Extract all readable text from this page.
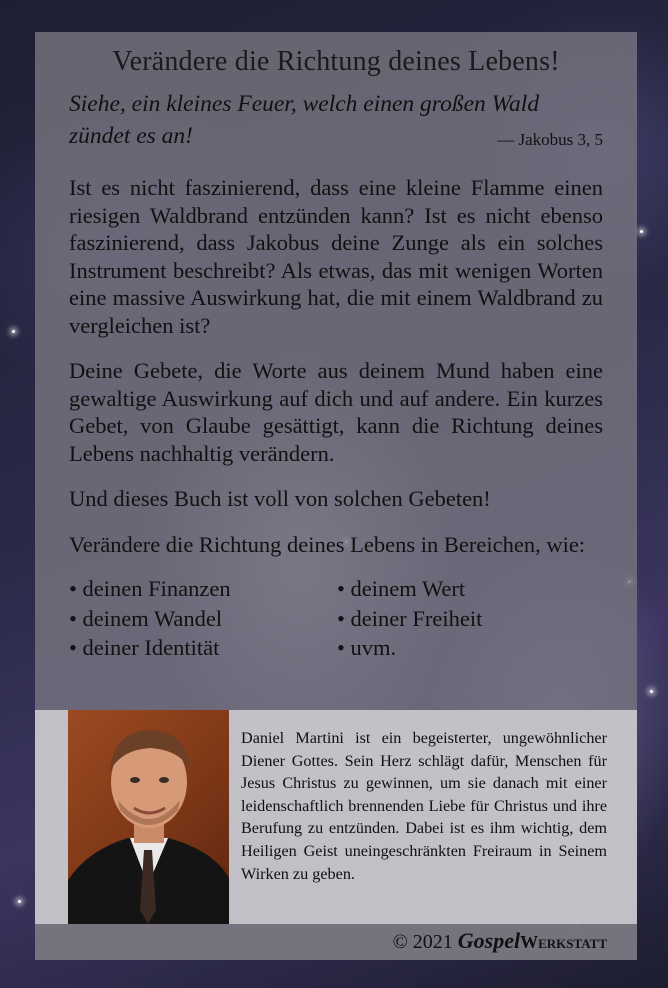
Verändere die Richtung deines Lebens!
Siehe, ein kleines Feuer, welch einen großen Wald
zündet es an!	— Jakobus 3, 5
Ist es nicht faszinierend, dass eine kleine Flamme einen riesigen Waldbrand entzünden kann? Ist es nicht ebenso faszinierend, dass Jakobus deine Zunge als ein solches Instrument beschreibt? Als etwas, das mit wenigen Worten eine massive Auswirkung hat, die mit einem Waldbrand zu vergleichen ist?
Deine Gebete, die Worte aus deinem Mund haben eine gewaltige Auswirkung auf dich und auf andere. Ein kurzes Gebet, von Glaube gesättigt, kann die Richtung deines Lebens nachhaltig verändern.
Und dieses Buch ist voll von solchen Gebeten!
Verändere die Richtung deines Lebens in Bereichen, wie:
• deinen Finanzen
• deinem Wandel
• deiner Identität
• deinem Wert
• deiner Freiheit
• uvm.
Daniel Martini ist ein begeisterter, ungewöhnlicher Diener Gottes. Sein Herz schlägt dafür, Menschen für Jesus Christus zu gewinnen, um sie danach mit einer leidenschaftlich brennenden Liebe für Christus und ihre Berufung zu entzünden. Dabei ist es ihm wichtig, dem Heiligen Geist uneingeschränkten Freiraum in Seinem Wirken zu geben.
© 2021 GospelWerkstatt
